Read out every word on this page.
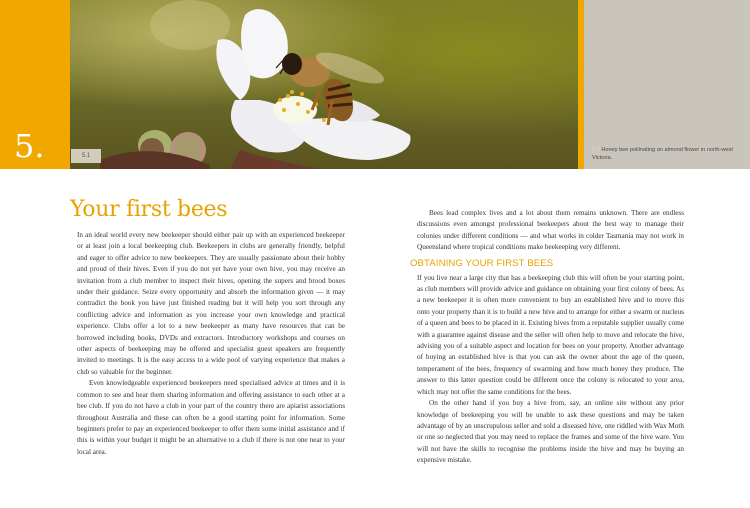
5.	5.1
5.1 Honey bee pollinating an almond flower in north-west Victoria.
Your first bees

In an ideal world every new beekeeper should either pair up with an experienced beekeeper or at least join a local beekeeping club. Beekeepers in clubs are generally friendly, helpful and eager to offer advice to new beekeepers. They are usually passionate about their hobby and proud of their hives. Even if you do not yet have your own hive, you may receive an invitation from a club member to inspect their hives, opening the supers and brood boxes under their guidance. Seize every opportunity and absorb the information given — it may contradict the book you have just finished reading but it will help you sort through any conflicting advice and information as you increase your own knowledge and practical experience. Clubs offer a lot to a new beekeeper as many have resources that can be borrowed including books, DVDs and extractors. Introductory workshops and courses on other aspects of beekeeping may be offered and specialist guest speakers are frequently invited to meetings. It is the easy access to a wide pool of varying experience that makes a club so valuable for the beginner.

Even knowledgeable experienced beekeepers need specialised advice at times and it is common to see and hear them sharing information and offering assistance to each other at a bee club. If you do not have a club in your part of the country there are apiarist associations throughout Australia and these can often be a good starting point for information. Some beginners prefer to pay an experienced beekeeper to offer them some initial assistance and if this is within your budget it might be an alternative to a club if there is not one near to your local area.

Bees lead complex lives and a lot about them remains unknown. There are endless discussions even amongst professional beekeepers about the best way to manage their colonies under different conditions — and what works in colder Tasmania may not work in Queensland where tropical conditions make beekeeping very different.

OBTAINING YOUR FIRST BEES

If you live near a large city that has a beekeeping club this will often be your starting point, as club members will provide advice and guidance on obtaining your first colony of bees. As a new beekeeper it is often more convenient to buy an established hive and to move this onto your property than it is to build a new hive and to arrange for either a swarm or nucleus of a queen and bees to be placed in it. Existing hives from a reputable supplier usually come with a guarantee against disease and the seller will often help to move and relocate the hive, advising you of a suitable aspect and location for bees on your property. Another advantage of buying an established hive is that you can ask the owner about the age of the queen, temperament of the bees, frequency of swarming and how much honey they produce. The answer to this latter question could be different once the colony is relocated to your area, which may not offer the same conditions for the bees.

On the other hand if you buy a hive from, say, an online site without any prior knowledge of beekeeping you will be unable to ask these questions and may be taken advantage of by an unscrupulous seller and sold a diseased hive, one riddled with Wax Moth or one so neglected that you may need to replace the frames and some of the hive ware. You will not have the skills to recognise the problems inside the hive and may be buying an expensive mistake.
